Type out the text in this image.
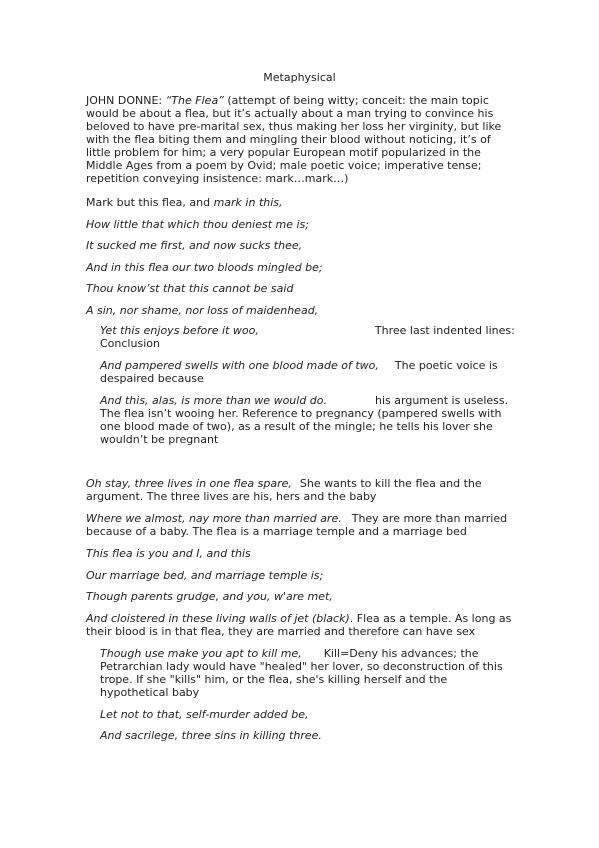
Metaphysical
JOHN DONNE: “The Flea” (attempt of being witty; conceit: the main topic would be about a flea, but it’s actually about a man trying to convince his beloved to have pre-marital sex, thus making her loss her virginity, but like with the flea biting them and mingling their blood without noticing, it’s of little problem for him; a very popular European motif popularized in the Middle Ages from a poem by Ovid; male poetic voice; imperative tense; repetition conveying insistence: mark…mark…)
Mark but this flea, and mark in this,
How little that which thou deniest me is;
It sucked me first, and now sucks thee,
And in this flea our two bloods mingled be;
Thou know’st that this cannot be said
A sin, nor shame, nor loss of maidenhead,
Yet this enjoys before it woo,	Three last indented lines: Conclusion
And pampered swells with one blood made of two, The poetic voice is despaired because
And this, alas, is more than we would do.	his argument is useless. The flea isn’t wooing her. Reference to pregnancy (pampered swells with one blood made of two), as a result of the mingle; he tells his lover she wouldn’t be pregnant
Oh stay, three lives in one flea spare, She wants to kill the flea and the argument. The three lives are his, hers and the baby
Where we almost, nay more than married are. They are more than married because of a baby. The flea is a marriage temple and a marriage bed
This flea is you and I, and this
Our marriage bed, and marriage temple is;
Though parents grudge, and you, w'are met,
And cloistered in these living walls of jet (black). Flea as a temple. As long as their blood is in that flea, they are married and therefore can have sex
Though use make you apt to kill me, Kill=Deny his advances; the Petrarchian lady would have "healed" her lover, so deconstruction of this trope. If she "kills" him, or the flea, she's killing herself and the hypothetical baby
Let not to that, self-murder added be,
And sacrilege, three sins in killing three.
